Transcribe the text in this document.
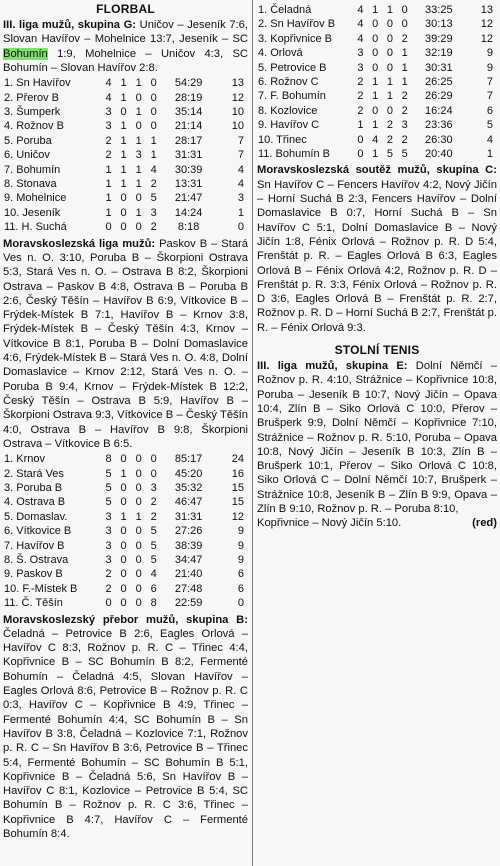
FLORBAL

III. liga mužů, skupina G: Uničov – Jeseník 7:6, Slovan Havířov – Mohelnice 13:7, Jeseník – SC Bohumín 1:9, Mohelnice – Uničov 4:3, SC Bohumín – Slovan Havířov 2:8.

1. Sn Havířov	4	1	1	0	54:29	13
2. Přerov B	4	1	0	0	28:19	12
3. Šumperk	3	0	1	0	35:14	10
4. Rožnov B	3	1	0	0	21:14	10
5. Poruba	2	1	1	1	28:17	7
6. Uničov	2	1	3	1	31:31	7
7. Bohumín	1	1	1	4	30:39	4
8. Stonava	1	1	1	2	13:31	4
9. Mohelnice	1	0	0	5	21:47	3
10. Jeseník	1	0	1	3	14:24	1
11. H. Suchá	0	0	0	2	8:18	0

Moravskoslezská liga mužů: Paskov B – Stará Ves n. O. 3:10, Poruba B – Škorpioni Ostrava 5:3, Stará Ves n. O. – Ostrava B 8:2, Škorpioni Ostrava – Paskov B 4:8, Ostrava B – Poruba B 2:6, Český Těšín – Havířov B 6:9, Vítkovice B – Frýdek-Místek B 7:1, Havířov B – Krnov 3:8, Frýdek-Místek B – Český Těšín 4:3, Krnov – Vítkovice B 8:1, Poruba B – Dolní Domaslavice 4:6, Frýdek-Místek B – Stará Ves n. O. 4:8, Dolní Domaslavice – Krnov 2:12, Stará Ves n. O. – Poruba B 9:4, Krnov – Frýdek-Místek B 12:2, Český Těšín – Ostrava B 5:9, Havířov B – Škorpioni Ostrava 9:3, Vítkovice B – Český Těšín 4:0, Ostrava B – Havířov B 9:8, Škorpioni Ostrava – Vítkovice B 6:5.

1. Krnov	8	0	0	0	85:17	24
2. Stará Ves	5	1	0	0	45:20	16
3. Poruba B	5	0	0	3	35:32	15
4. Ostrava B	5	0	0	2	46:47	15
5. Domaslav.	3	1	1	2	31:31	12
6. Vítkovice B	3	0	0	5	27:26	9
7. Havířov B	3	0	0	5	38:39	9
8. Š. Ostrava	3	0	0	5	34:47	9
9. Paskov B	2	0	0	4	21:40	6
10. F.-Místek B	2	0	0	6	27:48	6
11. Č. Těšín	0	0	0	8	22:59	0

Moravskoslezský přebor mužů, skupina B: Čeladná – Petrovice B 2:6, Eagles Orlová – Havířov C 8:3, Rožnov p. R. C – Třinec 4:4, Kopřivnice B – SC Bohumín B 8:2, Fermenté Bohumín – Čeladná 4:5, Slovan Havířov – Eagles Orlová 8:6, Petrovice B – Rožnov p. R. C 0:3, Havířov C – Kopřivnice B 4:9, Třinec – Fermenté Bohumín 4:4, SC Bohumín B – Sn Havířov B 3:8, Čeladná – Kozlovice 7:1, Rožnov p. R. C – Sn Havířov B 3:6, Petrovice B – Třinec 5:4, Fermenté Bohumín – SC Bohumín B 5:1, Kopřivnice B – Čeladná 5:6, Sn Havířov B – Havířov C 8:1, Kozlovice – Petrovice B 5:4, SC Bohumín B – Rožnov p. R. C 3:6, Třinec – Kopřivnice B 4:7, Havířov C – Fermenté Bohumín 8:4.

1. Čeladná	4	1	1	0	33:25	13
2. Sn Havířov B	4	0	0	0	30:13	12
3. Kopřivnice B	4	0	0	2	39:29	12
4. Orlová	3	0	0	1	32:19	9
5. Petrovice B	3	0	0	1	30:31	9
6. Rožnov C	2	1	1	1	26:25	7
7. F. Bohumín	2	1	1	2	26:29	7
8. Kozlovice	2	0	0	2	16:24	6
9. Havířov C	1	1	2	3	23:36	5
10. Třinec	0	4	2	2	26:30	4
11. Bohumín B	0	1	5	5	20:40	1

Moravskoslezská soutěž mužů, skupina C: Sn Havířov C – Fencers Havířov 4:2, Nový Jičín – Horní Suchá B 2:3, Fencers Havířov – Dolní Domaslavice B 0:7, Horní Suchá B – Sn Havířov C 5:1, Dolní Domaslavice B – Nový Jičín 1:8, Fénix Orlová – Rožnov p. R. D 5:4, Frenštát p. R. – Eagles Orlová B 6:3, Eagles Orlová B – Fénix Orlová 4:2, Rožnov p. R. D – Frenštát p. R. 3:3, Fénix Orlová – Rožnov p. R. D 3:6, Eagles Orlová B – Frenštát p. R. 2:7, Rožnov p. R. D – Horní Suchá B 2:7, Frenštát p. R. – Fénix Orlová 9:3.

STOLNÍ TENIS

III. liga mužů, skupina E: Dolní Němčí – Rožnov p. R. 4:10, Strážnice – Kopřivnice 10:8, Poruba – Jeseník B 10:7, Nový Jičín – Opava 10:4, Zlín B – Siko Orlová C 10:0, Přerov – Brušperk 9:9, Dolní Němčí – Kopřivnice 7:10, Strážnice – Rožnov p. R. 5:10, Poruba – Opava 10:8, Nový Jičín – Jeseník B 10:3, Zlín B – Brušperk 10:1, Přerov – Siko Orlová C 10:8, Siko Orlová C – Dolní Němčí 10:7, Brušperk – Strážnice 10:8, Jeseník B – Zlín B 9:9, Opava – Zlín B 9:10, Rožnov p. R. – Poruba 8:10,

Kopřivnice – Nový Jičín 5:10.	(red)
